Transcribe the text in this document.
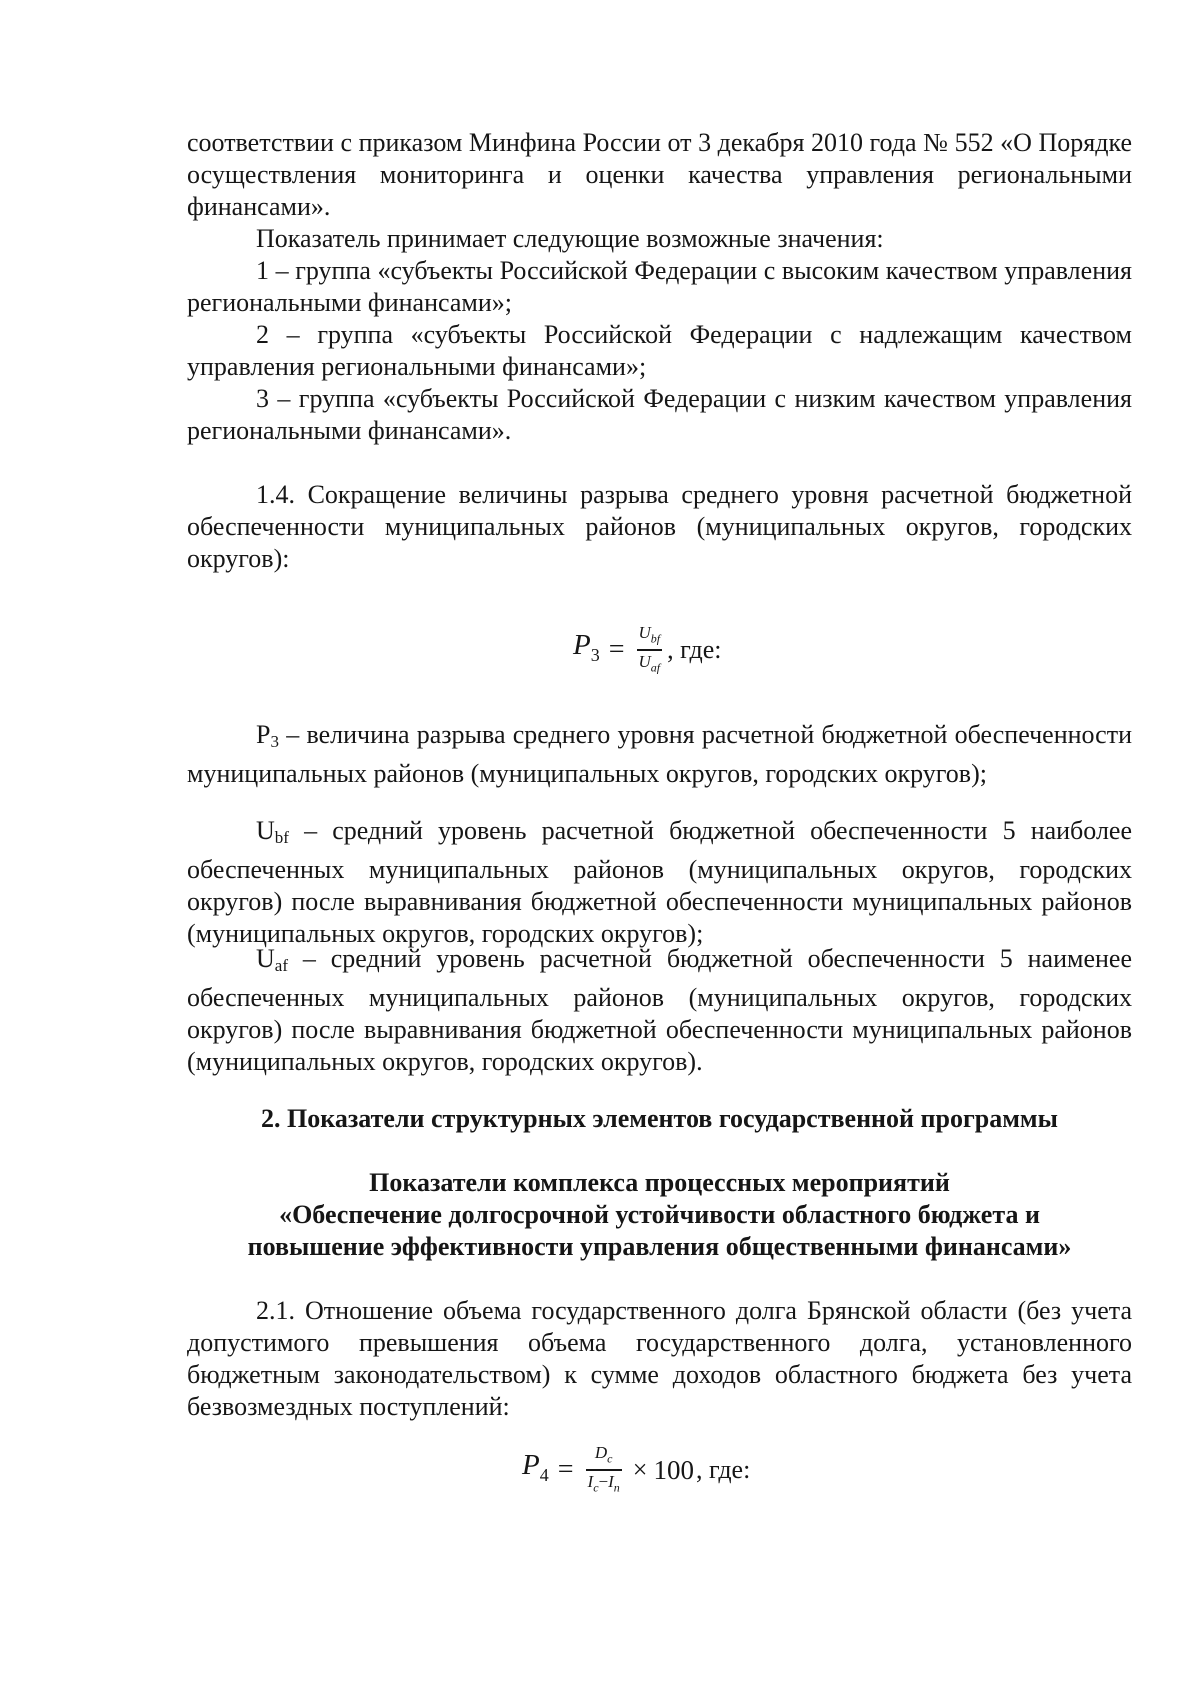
соответствии с приказом Минфина России от 3 декабря 2010 года № 552 «О Порядке осуществления мониторинга и оценки качества управления региональными финансами».

Показатель принимает следующие возможные значения:

1 – группа «субъекты Российской Федерации с высоким качеством управления региональными финансами»;

2 – группа «субъекты Российской Федерации с надлежащим качеством управления региональными финансами»;

3 – группа «субъекты Российской Федерации с низким качеством управления региональными финансами».

1.4. Сокращение величины разрыва среднего уровня расчетной бюджетной обеспеченности муниципальных районов (муниципальных округов, городских округов):

$P_3 = \frac{U_{bf}}{U_{af}}$ , где:

$Р_3$ – величина разрыва среднего уровня расчетной бюджетной обеспеченности муниципальных районов (муниципальных округов, городских округов);

$U_{bf}$ – средний уровень расчетной бюджетной обеспеченности 5 наиболее обеспеченных муниципальных районов (муниципальных округов, городских округов) после выравнивания бюджетной обеспеченности муниципальных районов (муниципальных округов, городских округов);

$U_{af}$ – средний уровень расчетной бюджетной обеспеченности 5 наименее обеспеченных муниципальных районов (муниципальных округов, городских округов) после выравнивания бюджетной обеспеченности муниципальных районов (муниципальных округов, городских округов).

2. Показатели структурных элементов государственной программы

Показатели комплекса процессных мероприятий
«Обеспечение долгосрочной устойчивости областного бюджета и
повышение эффективности управления общественными финансами»

2.1. Отношение объема государственного долга Брянской области (без учета допустимого превышения объема государственного долга, установленного бюджетным законодательством) к сумме доходов областного бюджета без учета безвозмездных поступлений:

$P_4 = \frac{D_c}{I_c-I_n} \times 100$ , где:
